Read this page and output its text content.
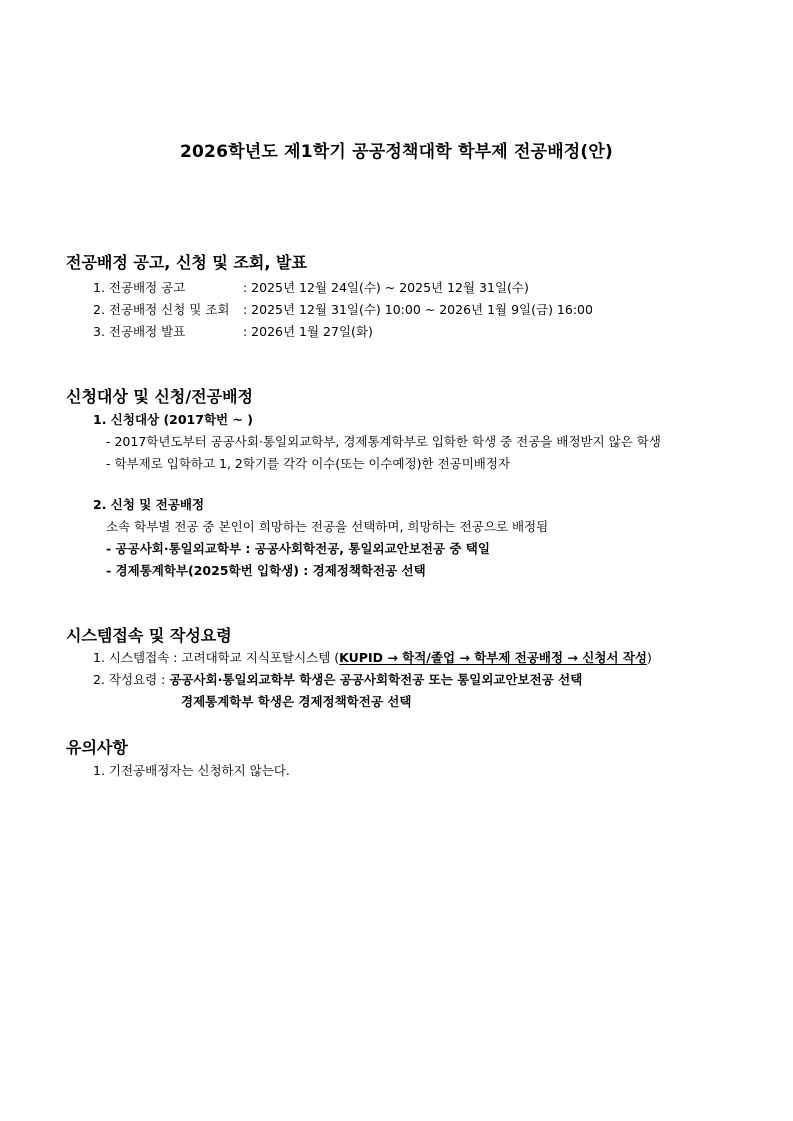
2026학년도 제1학기 공공정책대학 학부제 전공배정(안)
전공배정 공고, 신청 및 조회, 발표
1. 전공배정 공고	: 2025년 12월 24일(수) ~ 2025년 12월 31일(수)
2. 전공배정 신청 및 조회 : 2025년 12월 31일(수) 10:00 ~ 2026년 1월 9일(금) 16:00
3. 전공배정 발표	: 2026년 1월 27일(화)
신청대상 및 신청/전공배정
1. 신청대상 (2017학번 ~ )
- 2017학년도부터 공공사회·통일외교학부, 경제통계학부로 입학한 학생 중 전공을 배정받지 않은 학생
- 학부제로 입학하고 1, 2학기를 각각 이수(또는 이수예정)한 전공미배정자
2. 신청 및 전공배정
소속 학부별 전공 중 본인이 희망하는 전공을 선택하며, 희망하는 전공으로 배정됨
- 공공사회·통일외교학부 : 공공사회학전공, 통일외교안보전공 중 택일
- 경제통계학부(2025학번 입학생) : 경제정책학전공 선택
시스템접속 및 작성요령
1. 시스템접속 : 고려대학교 지식포탈시스템 (KUPID → 학적/졸업 → 학부제 전공배정 → 신청서 작성)
2. 작성요령 : 공공사회·통일외교학부 학생은 공공사회학전공 또는 통일외교안보전공 선택
경제통계학부 학생은 경제정책학전공 선택
유의사항
1. 기전공배정자는 신청하지 않는다.
